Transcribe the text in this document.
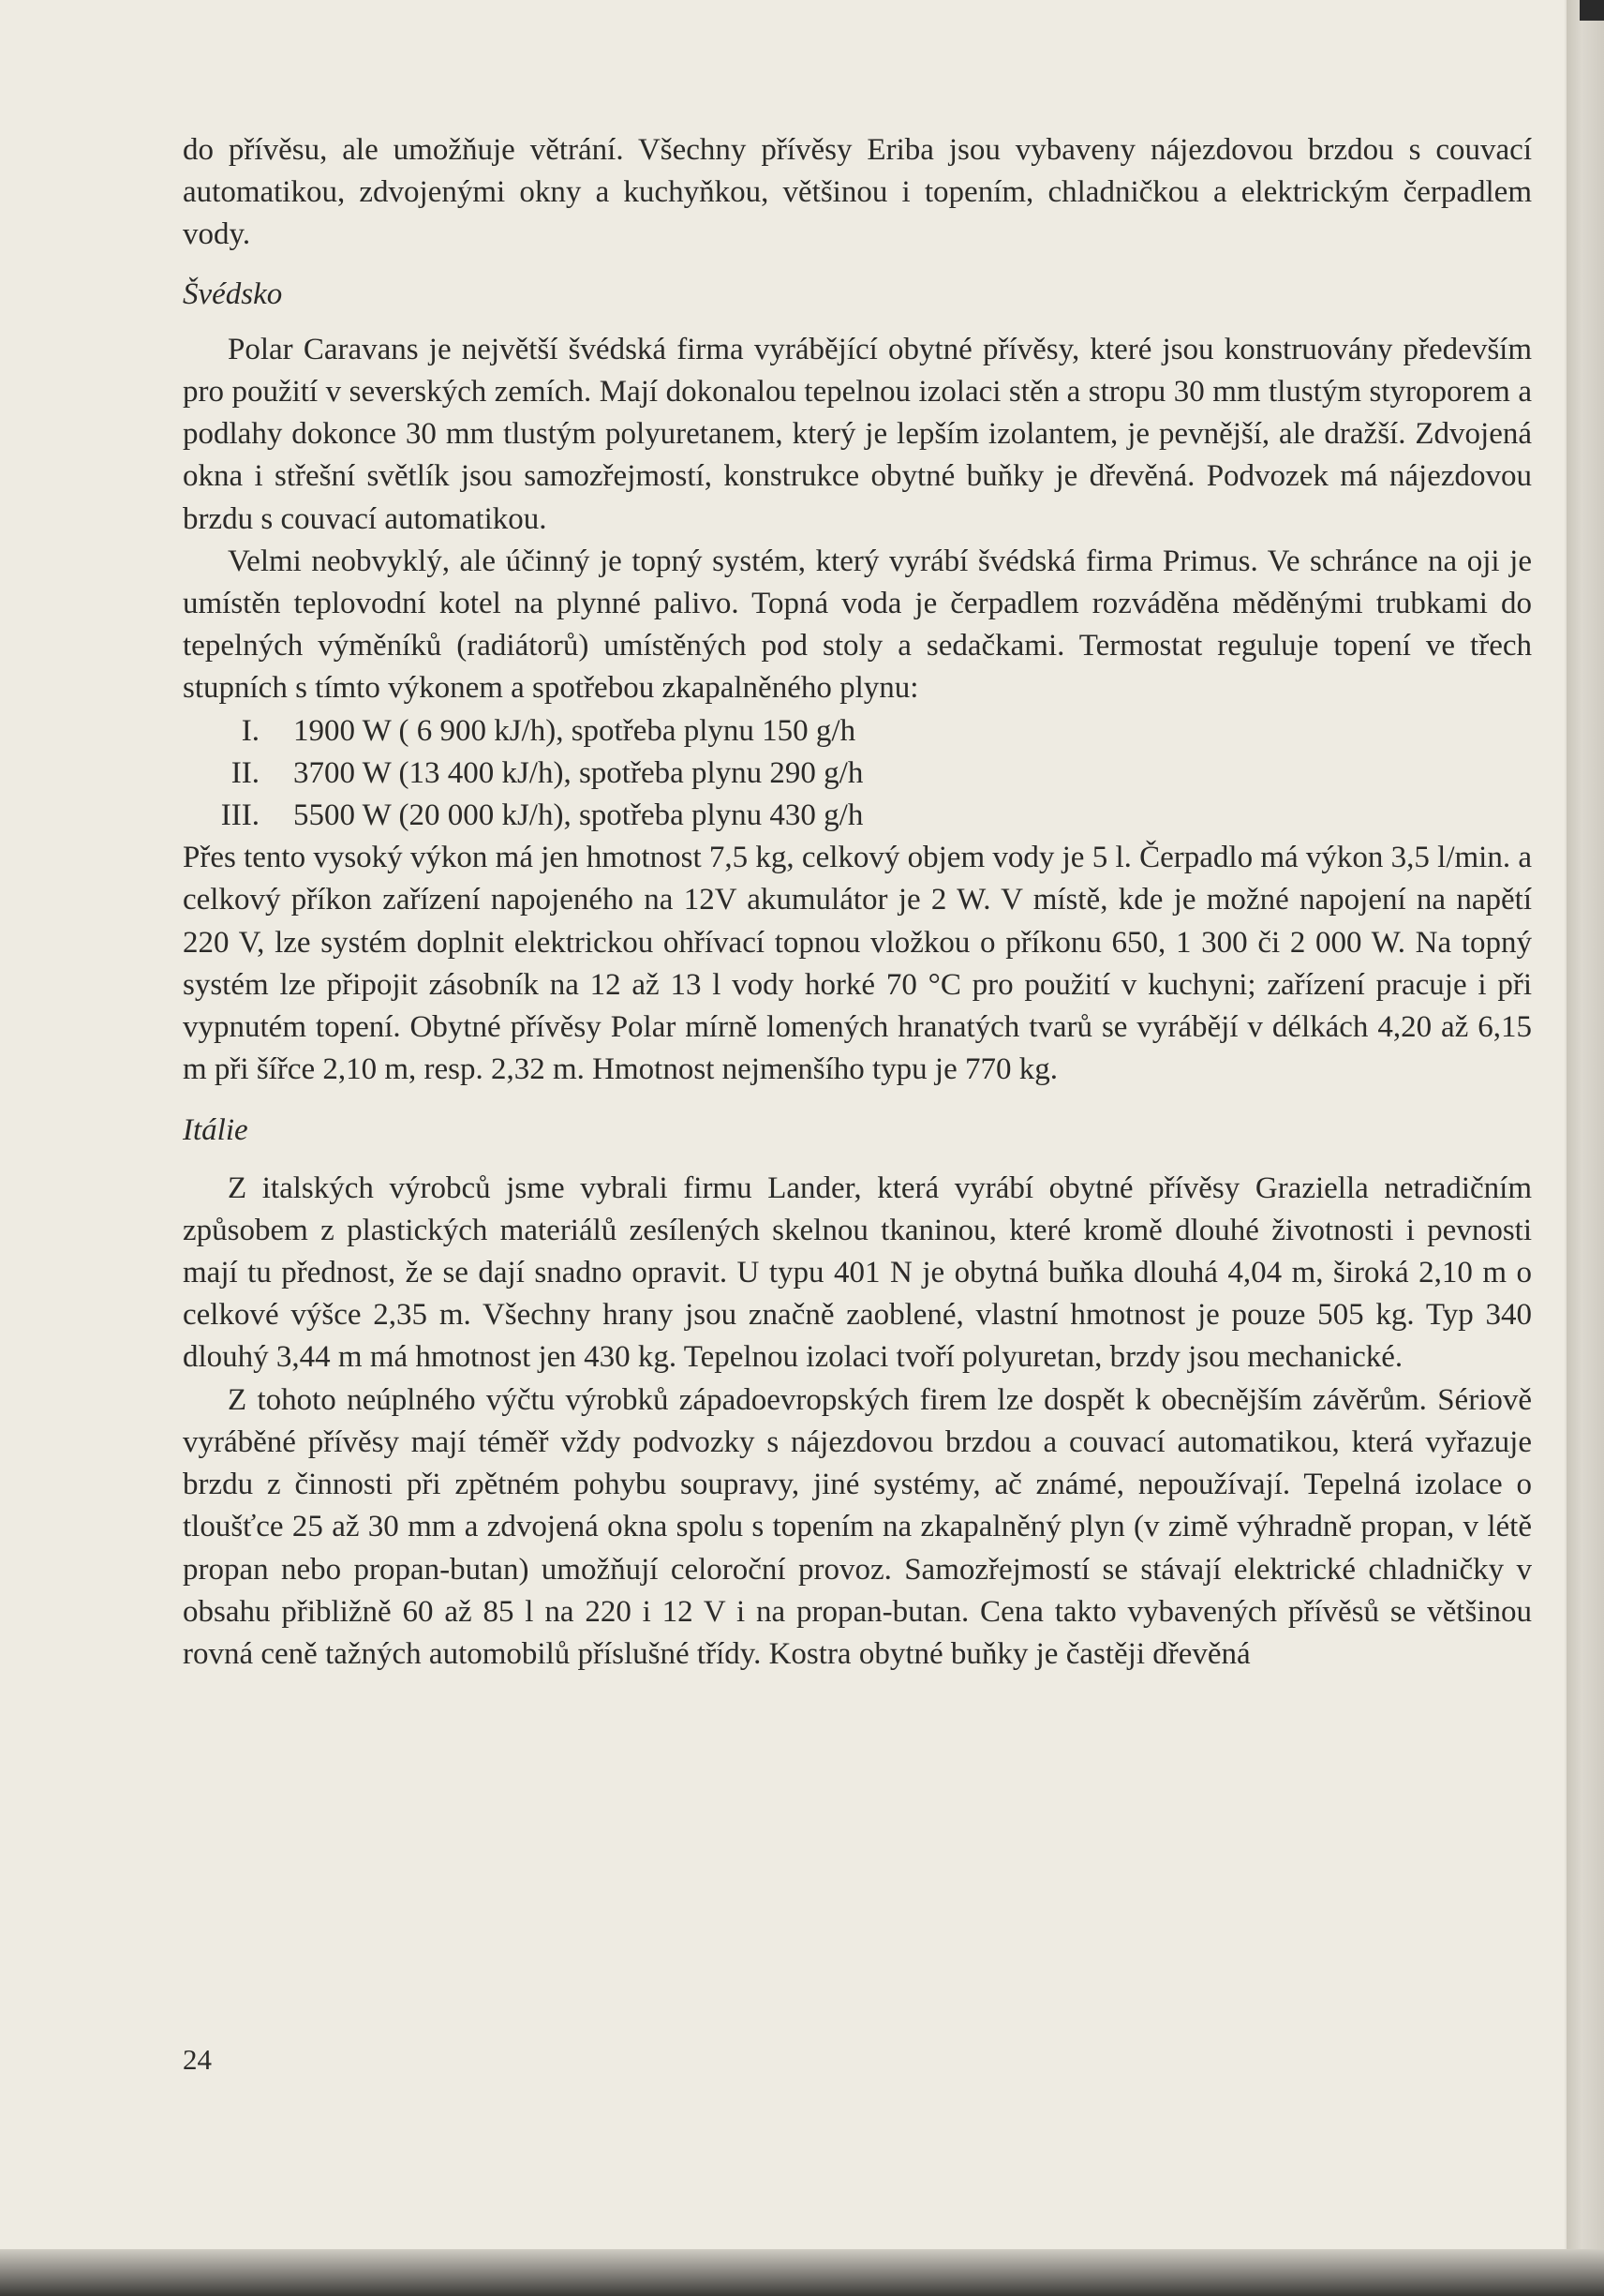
do přívěsu, ale umožňuje větrání. Všechny přívěsy Eriba jsou vybaveny nájezdovou brzdou s couvací automatikou, zdvojenými okny a kuchyňkou, většinou i topením, chladničkou a elektrickým čerpadlem vody.

Švédsko

Polar Caravans je největší švédská firma vyrábějící obytné přívěsy, které jsou konstruovány především pro použití v severských zemích. Mají dokonalou tepelnou izolaci stěn a stropu 30 mm tlustým styroporem a podlahy dokonce 30 mm tlustým polyuretanem, který je lepším izolantem, je pevnější, ale dražší. Zdvojená okna i střešní světlík jsou samozřejmostí, konstrukce obytné buňky je dřevěná. Podvozek má nájezdovou brzdu s couvací automatikou.

Velmi neobvyklý, ale účinný je topný systém, který vyrábí švédská firma Primus. Ve schránce na oji je umístěn teplovodní kotel na plynné palivo. Topná voda je čerpadlem rozváděna měděnými trubkami do tepelných výměníků (radiátorů) umístěných pod stoly a sedačkami. Termostat reguluje topení ve třech stupních s tímto výkonem a spotřebou zkapalněného plynu:

I.	1900 W ( 6 900 kJ/h), spotřeba plynu 150 g/h
II.	3700 W (13 400 kJ/h), spotřeba plynu 290 g/h
III.	5500 W (20 000 kJ/h), spotřeba plynu 430 g/h

Přes tento vysoký výkon má jen hmotnost 7,5 kg, celkový objem vody je 5 l. Čerpadlo má výkon 3,5 l/min. a celkový příkon zařízení napojeného na 12V akumulátor je 2 W. V místě, kde je možné napojení na napětí 220 V, lze systém doplnit elektrickou ohřívací topnou vložkou o příkonu 650, 1 300 či 2 000 W. Na topný systém lze připojit zásobník na 12 až 13 l vody horké 70 °C pro použití v kuchyni; zařízení pracuje i při vypnutém topení. Obytné přívěsy Polar mírně lomených hranatých tvarů se vyrábějí v délkách 4,20 až 6,15 m při šířce 2,10 m, resp. 2,32 m. Hmotnost nejmenšího typu je 770 kg.

Itálie

Z italských výrobců jsme vybrali firmu Lander, která vyrábí obytné přívěsy Graziella netradičním způsobem z plastických materiálů zesílených skelnou tkaninou, které kromě dlouhé životnosti i pevnosti mají tu přednost, že se dají snadno opravit. U typu 401 N je obytná buňka dlouhá 4,04 m, široká 2,10 m o celkové výšce 2,35 m. Všechny hrany jsou značně zaoblené, vlastní hmotnost je pouze 505 kg. Typ 340 dlouhý 3,44 m má hmotnost jen 430 kg. Tepelnou izolaci tvoří polyuretan, brzdy jsou mechanické.

Z tohoto neúplného výčtu výrobků západoevropských firem lze dospět k obecnějším závěrům. Sériově vyráběné přívěsy mají téměř vždy podvozky s nájezdovou brzdou a couvací automatikou, která vyřazuje brzdu z činnosti při zpětném pohybu soupravy, jiné systémy, ač známé, nepoužívají. Tepelná izolace o tloušťce 25 až 30 mm a zdvojená okna spolu s topením na zkapalněný plyn (v zimě výhradně propan, v létě propan nebo propan-butan) umožňují celoroční provoz. Samozřejmostí se stávají elektrické chladničky v obsahu přibližně 60 až 85 l na 220 i 12 V i na propan-butan. Cena takto vybavených přívěsů se většinou rovná ceně tažných automobilů příslušné třídy. Kostra obytné buňky je častěji dřevěná

24
